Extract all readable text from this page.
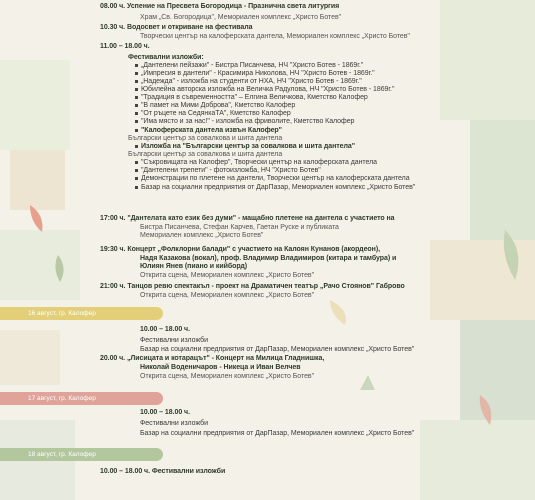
08.00 ч. Успение на Пресвета Богородица - Празнична света литургия
Храм „Св. Богородица", Мемориален комплекс „Христо Ботев"
10.30 ч. Водосвет и откриване на фестивала
Творчески център на калоферската дантела, Мемориален комплекс „Христо Ботев"
11.00 – 18.00 ч.
Фестивални изложби:
„Дантелени пейзажи" - Бистра Писанчева, НЧ "Христо Ботев - 1869г."
„Импресия в дантели" - Красимира Николова, НЧ "Христо Ботев - 1869г."
„Надежда" - изложба на студенти от НХА, НЧ "Христо Ботев - 1869г."
Юбилейна авторска изложба на Величка Радулова, НЧ "Христо Ботев - 1869г."
"Традиция в съвременността" – Елгина Величкова, Кметство Калофер
"В памет на Мими Доброва", Кметство Калофер
"От ръцете на СедянкаТА", Кметство Калофер
"Има място и за нас!" - изложба на фриволите, Кметство Калофер
"Калоферската дантела извън Калофер"
Български център за совалкова и шита дантела
Изложба на "Български център за совалкова и шита дантела"
Български център за совалкова и шита дантела
"Съкровищата на Калофер", Творчески център на калоферската дантела
"Дантелени трепети" - фотоизложба, НЧ "Христо Ботев"
Демонстрации по плетене на дантели, Творчески център на калоферската дантела
Базар на социални предприятия от ДарПазар, Мемориален комплекс „Христо Ботев"
17:00 ч. "Дантелата като език без думи" - мащабно плетене на дантела с участието на
Бистра Писанчева, Стефан Карчев, Гаетан Руске и публиката
Мемориален комплекс „Христо Ботев"
19:30 ч. Концерт „Фолклорни балади" с участието на Калоян Кунанов (акордеон),
Надя Казакова (вокал), проф. Владимир Владимиров (китара и тамбура) и
Юлиян Янев (пиано и кийборд)
Открита сцена, Мемориален комплекс „Христо Ботев"
21:00 ч. Танцов ревю спектакъл - проект на Драматичен театър „Рачо Стоянов" Габрово
Открита сцена, Мемориален комплекс „Христо Ботев"
16 август, гр. Калофер
10.00 – 18.00 ч.
Фестивални изложби
Базар на социални предприятия от ДарПазар, Мемориален комплекс „Христо Ботев"
20.00 ч. „Лисицата и котарацът" - Концерт на Милица Гладнишка,
Николай Воденичаров - Никеца и Иван Велчев
Открита сцена, Мемориален комплекс „Христо Ботев"
17 август, гр. Калофер
10.00 – 18.00 ч.
Фестивални изложби
Базар на социални предприятия от ДарПазар, Мемориален комплекс „Христо Ботев"
18 август, гр. Калофер
10.00 – 18.00 ч. Фестивални изложби
